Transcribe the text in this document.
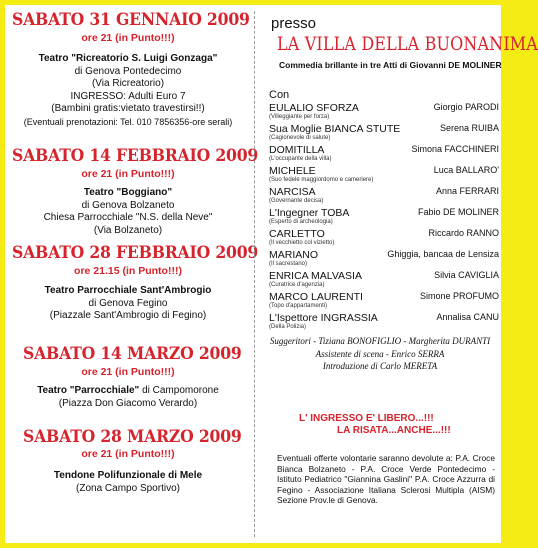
SABATO 31 GENNAIO 2009
ore 21 (in Punto!!!)
Teatro "Ricreatorio S. Luigi Gonzaga"
di Genova Pontedecimo
(Via Ricreatorio)
INGRESSO: Adulti Euro 7
(Bambini gratis:vietato travestirsi!!)
(Eventuali prenotazioni: Tel. 010 7856356-ore serali)
SABATO 14 FEBBRAIO 2009
ore 21 (in Punto!!!)
Teatro "Boggiano"
di Genova Bolzaneto
Chiesa Parrocchiale "N.S. della Neve"
(Via Bolzaneto)
SABATO 28 FEBBRAIO 2009
ore 21.15 (in Punto!!!)
Teatro Parrocchiale Sant'Ambrogio
di Genova Fegino
(Piazzale Sant'Ambrogio di Fegino)
SABATO 14 MARZO 2009
ore 21 (in Punto!!!)
Teatro "Parrocchiale" di Campomorone
(Piazza Don Giacomo Verardo)
SABATO 28 MARZO 2009
ore 21 (in Punto!!!)
Tendone Polifunzionale di Mele
(Zona Campo Sportivo)
presso
LA VILLA DELLA BUONANIMA
Commedia brillante in tre Atti di Giovanni DE MOLINER
Con
EULALIO SFORZA
(Villeggiante per forza)
Giorgio PARODI
Sua Moglie BIANCA STUTE
(Cagionevole di salute)
Serena RUIBA
DOMITILLA
(L'occupante della villa)
Simona FACCHINERI
MICHELE
(Suo fedele maggiordomo e cameriere)
Luca BALLARO'
NARCISA
(Governante decisa)
Anna FERRARI
L'Ingegner TOBA
(Esperto di archeologia)
Fabio DE MOLINER
CARLETTO
(Il vecchietto col vizietto)
Riccardo RANNO
MARIANO
(Il sacrestano)
Ghiggia, bancaa de Lensiza
ENRICA MALVASIA
(Curatrice d'agenzia)
Silvia CAVIGLIA
MARCO LAURENTI
(Topo d'appartamenti)
Simone PROFUMO
L'Ispettore INGRASSIA
(Della Polizia)
Annalisa CANU
Suggeritori - Tiziana BONOFIGLIO - Margherita DURANTI
Assistente di scena - Enrico SERRA
Introduzione di Carlo MERETA
L' INGRESSO E' LIBERO...!!!
LA RISATA...ANCHE...!!!
Eventuali offerte volontarie saranno devolute a: P.A. Croce Bianca Bolzaneto - P.A. Croce Verde Pontedecimo - Istituto Pediatrico "Giannina Gaslini" P.A. Croce Azzurra di Fegino - Associazione Italiana Sclerosi Multipla (AISM) Sezione Prov.le di Genova.
